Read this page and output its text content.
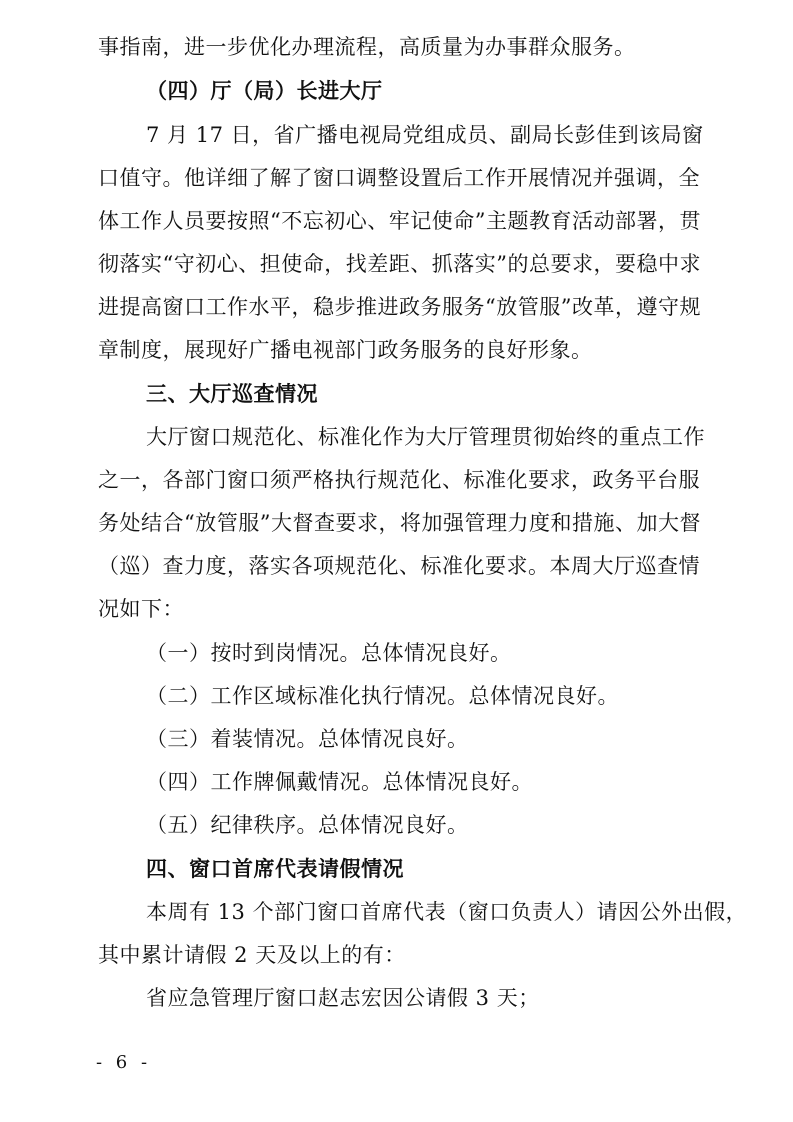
事指南，进一步优化办理流程，高质量为办事群众服务。
（四）厅（局）长进大厅
7 月 17 日，省广播电视局党组成员、副局长彭佳到该局窗
口值守。他详细了解了窗口调整设置后工作开展情况并强调，全
体工作人员要按照“不忘初心、牢记使命”主题教育活动部署，贯
彻落实“守初心、担使命，找差距、抓落实”的总要求，要稳中求
进提高窗口工作水平，稳步推进政务服务“放管服”改革，遵守规
章制度，展现好广播电视部门政务服务的良好形象。
三、大厅巡查情况
大厅窗口规范化、标准化作为大厅管理贯彻始终的重点工作
之一，各部门窗口须严格执行规范化、标准化要求，政务平台服
务处结合“放管服”大督查要求，将加强管理力度和措施、加大督
（巡）查力度，落实各项规范化、标准化要求。本周大厅巡查情
况如下：
（一）按时到岗情况。总体情况良好。
（二）工作区域标准化执行情况。总体情况良好。
（三）着装情况。总体情况良好。
（四）工作牌佩戴情况。总体情况良好。
（五）纪律秩序。总体情况良好。
四、窗口首席代表请假情况
本周有 13 个部门窗口首席代表（窗口负责人）请因公外出假，
其中累计请假 2 天及以上的有：
省应急管理厅窗口赵志宏因公请假 3 天；
- 6 -
